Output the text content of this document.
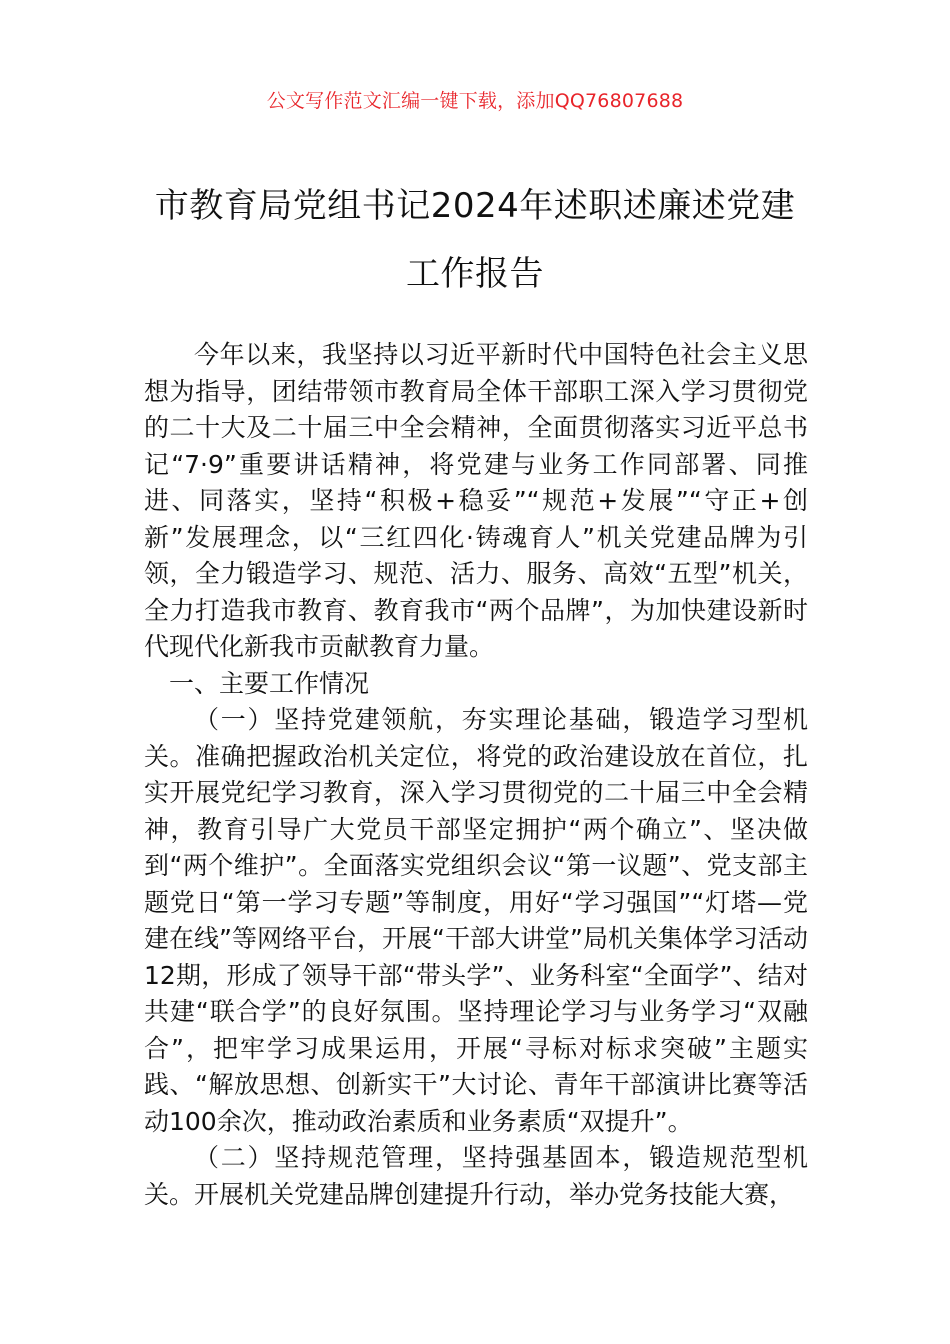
公文写作范文汇编一键下载，添加QQ76807688
市教育局党组书记2024年述职述廉述党建
工作报告

今年以来，我坚持以习近平新时代中国特色社会主义思想为指导，团结带领市教育局全体干部职工深入学习贯彻党的二十大及二十届三中全会精神，全面贯彻落实习近平总书记“7·9”重要讲话精神，将党建与业务工作同部署、同推进、同落实，坚持“积极+稳妥”“规范+发展”“守正+创新”发展理念，以“三红四化·铸魂育人”机关党建品牌为引领，全力锻造学习、规范、活力、服务、高效“五型”机关，全力打造我市教育、教育我市“两个品牌”，为加快建设新时代现代化新我市贡献教育力量。

一、主要工作情况

（一）坚持党建领航，夯实理论基础，锻造学习型机关。准确把握政治机关定位，将党的政治建设放在首位，扎实开展党纪学习教育，深入学习贯彻党的二十届三中全会精神，教育引导广大党员干部坚定拥护“两个确立”、坚决做到“两个维护”。全面落实党组织会议“第一议题”、党支部主题党日“第一学习专题”等制度，用好“学习强国”“灯塔—党建在线”等网络平台，开展“干部大讲堂”局机关集体学习活动12期，形成了领导干部“带头学”、业务科室“全面学”、结对共建“联合学”的良好氛围。坚持理论学习与业务学习“双融合”，把牢学习成果运用，开展“寻标对标求突破”主题实践、“解放思想、创新实干”大讨论、青年干部演讲比赛等活动100余次，推动政治素质和业务素质“双提升”。

（二）坚持规范管理，坚持强基固本，锻造规范型机关。开展机关党建品牌创建提升行动，举办党务技能大赛，
